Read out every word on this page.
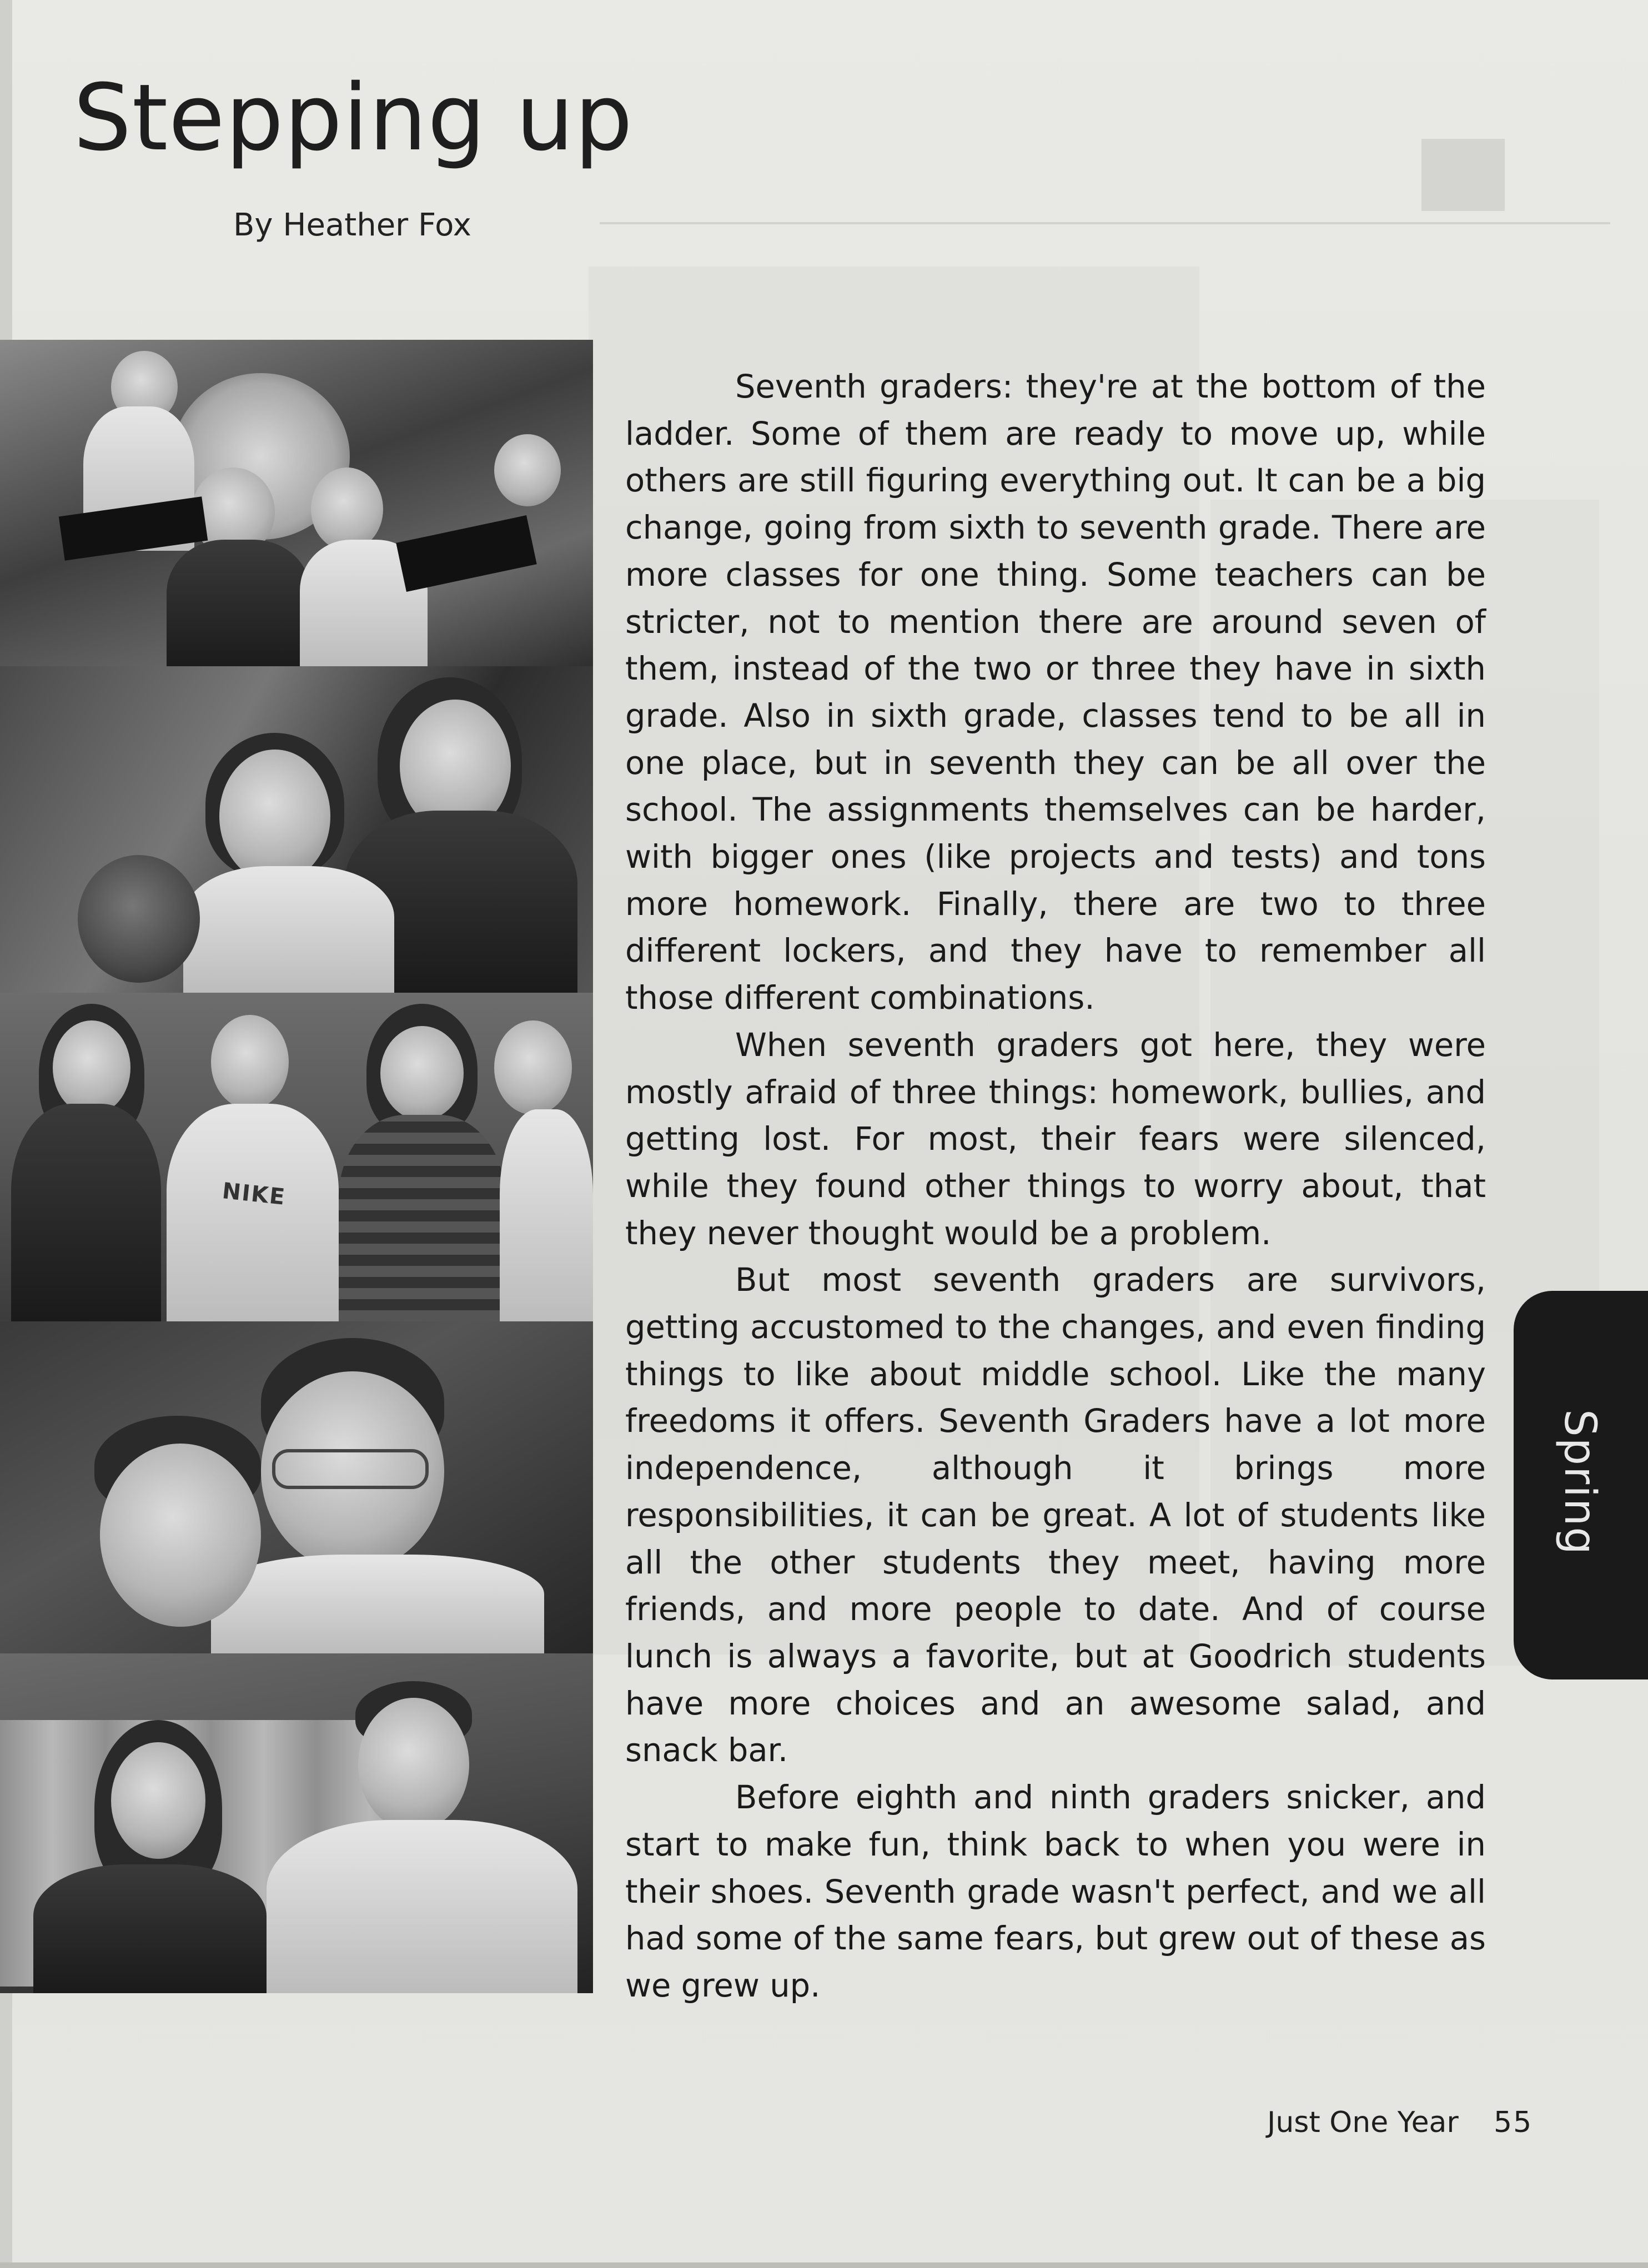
Stepping up
By Heather Fox
NIKE

Seventh graders: they're at the bottom of the ladder. Some of them are ready to move up, while others are still figuring everything out. It can be a big change, going from sixth to seventh grade. There are more classes for one thing. Some teachers can be stricter, not to mention there are around seven of them, instead of the two or three they have in sixth grade. Also in sixth grade, classes tend to be all in one place, but in seventh they can be all over the school. The assignments themselves can be harder, with bigger ones (like projects and tests) and tons more homework. Finally, there are two to three different lockers, and they have to remember all those different combinations.

When seventh graders got here, they were mostly afraid of three things: homework, bullies, and getting lost. For most, their fears were silenced, while they found other things to worry about, that they never thought would be a problem.

But most seventh graders are survivors, getting accustomed to the changes, and even finding things to like about middle school. Like the many freedoms it offers. Seventh Graders have a lot more independence, although it brings more responsibilities, it can be great. A lot of students like all the other students they meet, having more friends, and more people to date. And of course lunch is always a favorite, but at Goodrich students have more choices and an awesome salad, and snack bar.

Before eighth and ninth graders snicker, and start to make fun, think back to when you were in their shoes. Seventh grade wasn't perfect, and we all had some of the same fears, but grew out of these as we grew up.

Spring
Just One Year 55
